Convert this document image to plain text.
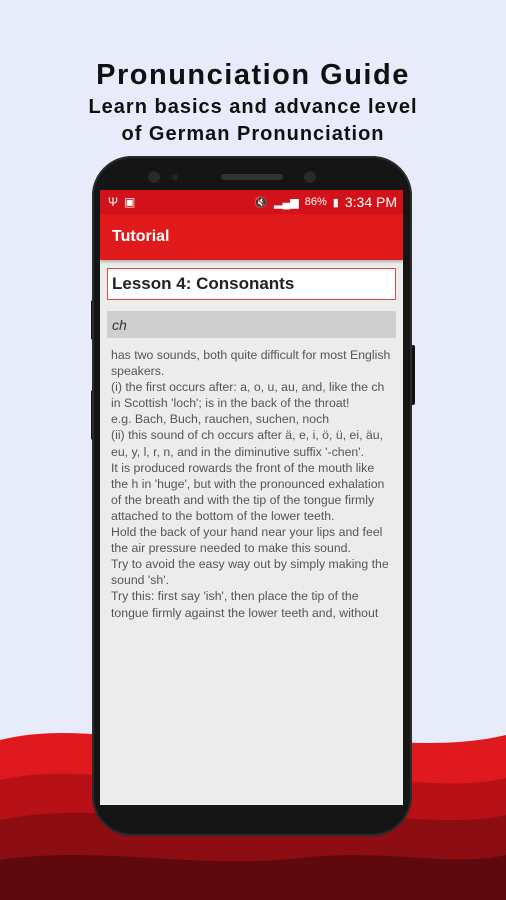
Pronunciation Guide
Learn basics and advance level
of German Pronunciation
Ψ ▣	🔇 ▂▄▆ 86% ▮ 3:34 PM
Tutorial
Lesson 4: Consonants
ch
has two sounds, both quite difficult for most English speakers.
(i) the first occurs after: a, o, u, au, and, like the ch in Scottish 'loch'; is in the back of the throat!
e.g. Bach, Buch, rauchen, suchen, noch
(ii) this sound of ch occurs after ä, e, i, ö, ü, ei, äu, eu, y, l, r, n, and in the diminutive suffix '-chen'.
It is produced rowards the front of the mouth like the h in 'huge', but with the pronounced exhalation
of the breath and with the tip of the tongue firmly attached to the bottom of the lower teeth.
Hold the back of your hand near your lips and feel the air pressure needed to make this sound.
Try to avoid the easy way out by simply making the sound 'sh'.
Try this: first say 'ish', then place the tip of the tongue firmly against the lower teeth and, without
